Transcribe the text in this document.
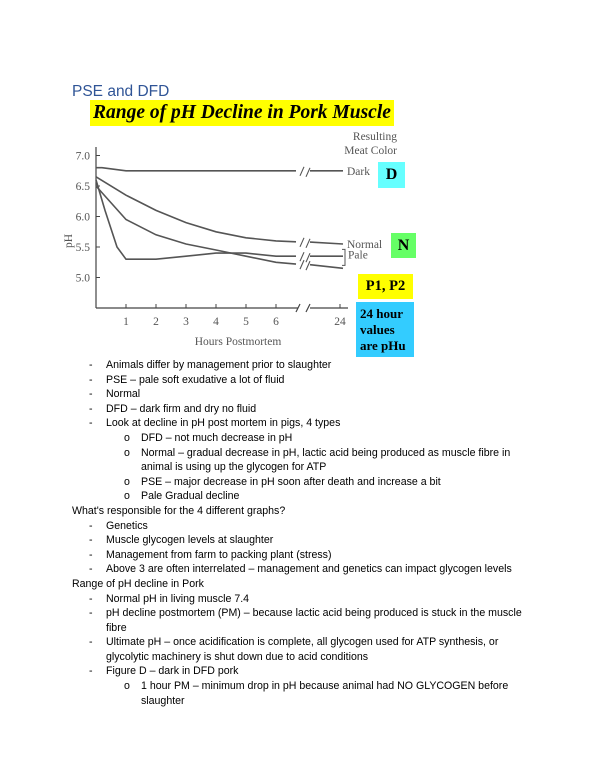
PSE and DFD
Range of pH Decline in Pork Muscle
7.0
6.5
6.0
5.5
5.0
1 2 3 4 5 6	24
pH
Hours Postmortem
Resulting
Meat Color
Dark
Normal
Pale
D
N
P1, P2
24 hour
values
are pHu
- Animals differ by management prior to slaughter
- PSE – pale soft exudative a lot of fluid
- Normal
- DFD – dark firm and dry no fluid
- Look at decline in pH post mortem in pigs, 4 types
o DFD – not much decrease in pH
o Normal – gradual decrease in pH, lactic acid being produced as muscle fibre in animal is using up the glycogen for ATP
o PSE – major decrease in pH soon after death and increase a bit
o Pale Gradual decline
What's responsible for the 4 different graphs?
- Genetics
- Muscle glycogen levels at slaughter
- Management from farm to packing plant (stress)
- Above 3 are often interrelated – management and genetics can impact glycogen levels
Range of pH decline in Pork
- Normal pH in living muscle 7.4
- pH decline postmortem (PM) – because lactic acid being produced is stuck in the muscle fibre
- Ultimate pH – once acidification is complete, all glycogen used for ATP synthesis, or glycolytic machinery is shut down due to acid conditions
- Figure D – dark in DFD pork
o 1 hour PM – minimum drop in pH because animal had NO GLYCOGEN before slaughter
